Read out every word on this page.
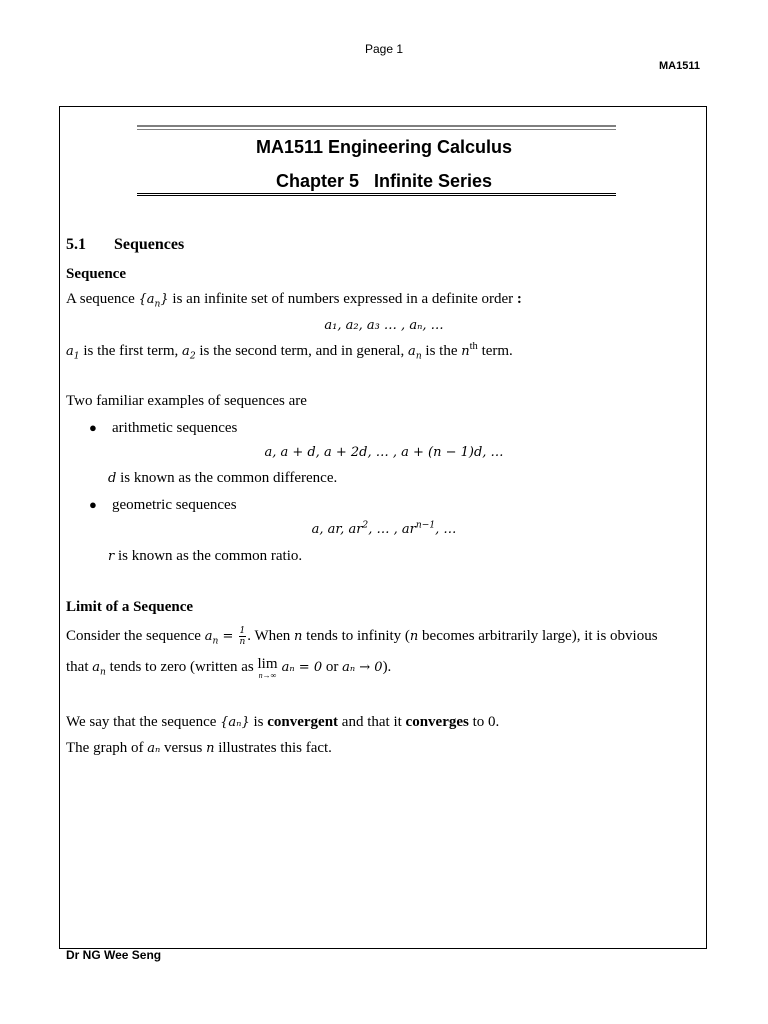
Page 1
MA1511
MA1511 Engineering Calculus
Chapter 5   Infinite Series
5.1 Sequences
Sequence
A sequence $\{a_n\}$ is an infinite set of numbers expressed in a definite order :
a₁, a₂, a₃ … , aₙ, …
$a_1$ is the first term, $a_2$ is the second term, and in general, $a_n$ is the $n^{th}$ term.
Two familiar examples of sequences are
● arithmetic sequences
a, a + d, a + 2d, … , a + (n − 1)d, …
d is known as the common difference.
● geometric sequences
a, ar, $ar^2$, … , $ar^{n-1}$, …
r is known as the common ratio.
Limit of a Sequence
Consider the sequence $a_n = \frac{1}{n}$ . When n tends to infinity (n becomes arbitrarily large), it is obvious
that $a_n$ tends to zero (written as lim
n→∞
aₙ = 0 or aₙ → 0).
We say that the sequence {aₙ} is convergent and that it converges to 0.
The graph of aₙ versus n illustrates this fact.
Dr NG Wee Seng
